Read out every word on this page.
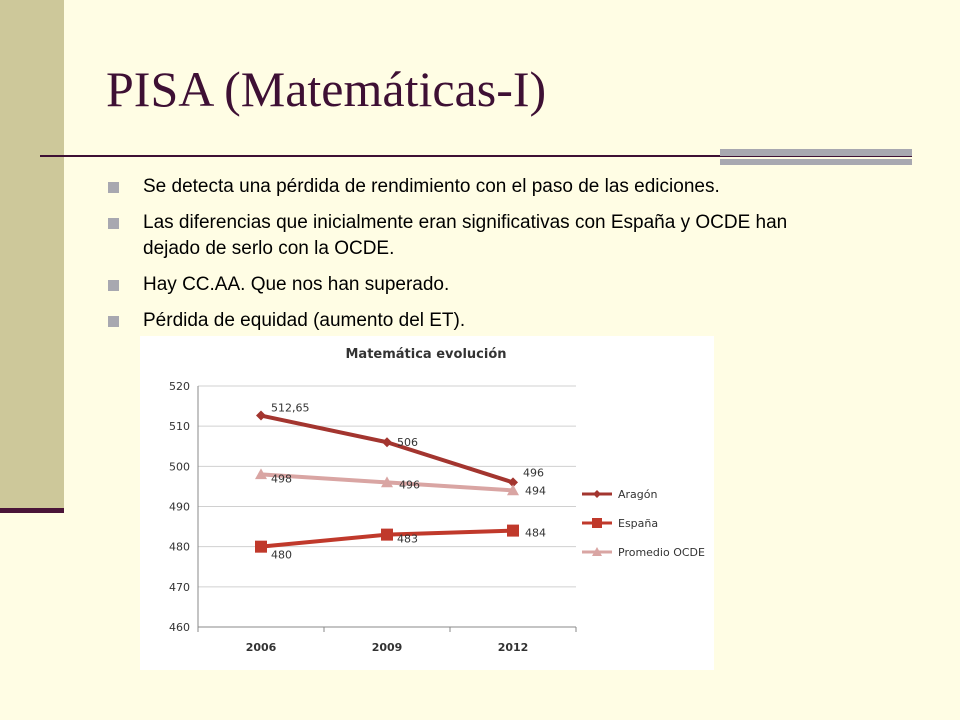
PISA (Matemáticas-I)
Se detecta una pérdida de rendimiento con el paso de las ediciones.
Las diferencias que inicialmente eran significativas con España y OCDE han dejado de serlo con la OCDE.
Hay CC.AA. Que nos han superado.
Pérdida de equidad (aumento del ET).
Matemática evolución
460
470
480
490
500
510
520
2006	2009	2012
512,65
506
496
480
483	484
498	496	494	Aragón
España
Promedio OCDE
